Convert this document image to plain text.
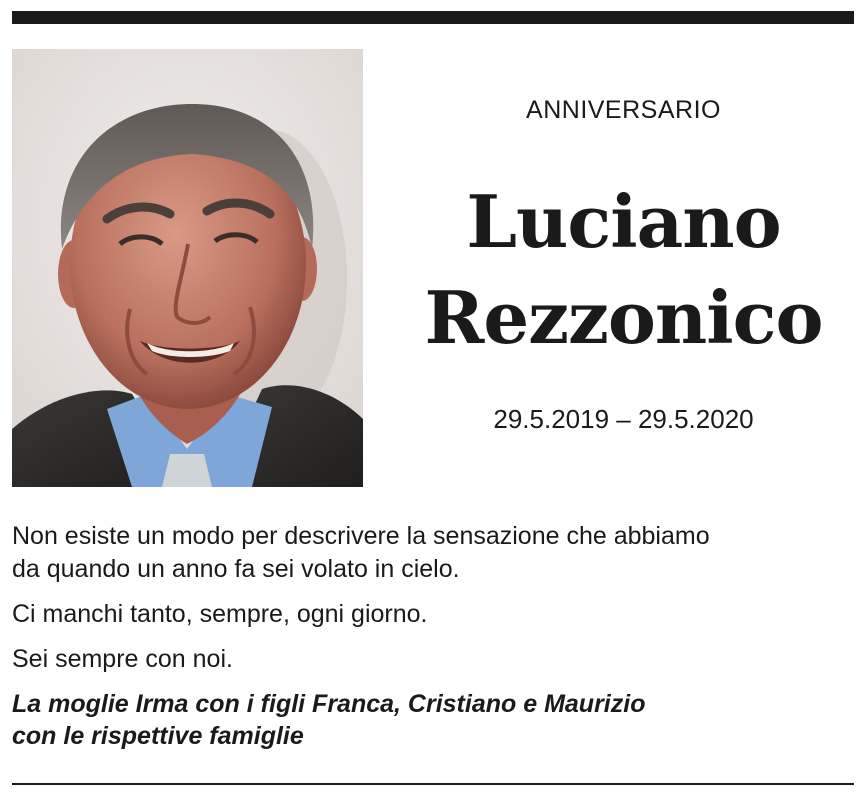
ANNIVERSARIO

Luciano
Rezzonico
29.5.2019 – 29.5.2020

Non esiste un modo per descrivere la sensazione che abbiamo
da quando un anno fa sei volato in cielo.

Ci manchi tanto, sempre, ogni giorno.

Sei sempre con noi.

La moglie Irma con i figli Franca, Cristiano e Maurizio
con le rispettive famiglie
